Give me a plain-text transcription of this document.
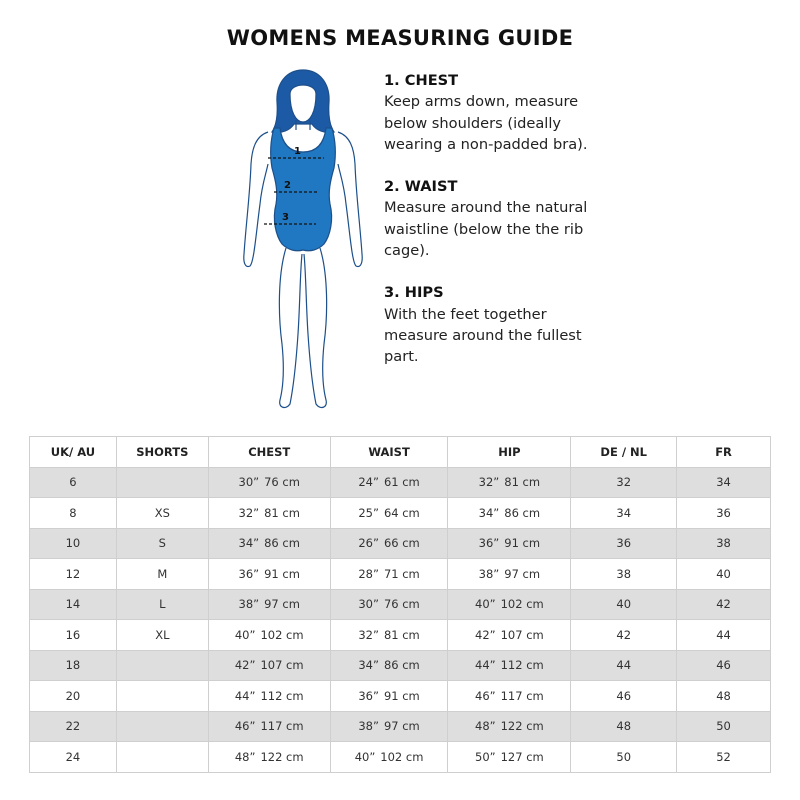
WOMENS MEASURING GUIDE
1
2
3
1. CHEST
Keep arms down, measure below shoulders (ideally wearing a non-padded bra).
2. WAIST
Measure around the natural waistline (below the the rib cage).
3. HIPS
With the feet together measure around the fullest part.
UK/ AU	SHORTS	CHEST	WAIST	HIP	DE / NL	FR
6		30” 76 cm	24” 61 cm	32” 81 cm	32	34
8	XS	32” 81 cm	25” 64 cm	34” 86 cm	34	36
10	S	34” 86 cm	26” 66 cm	36” 91 cm	36	38
12	M	36” 91 cm	28” 71 cm	38” 97 cm	38	40
14	L	38” 97 cm	30” 76 cm	40” 102 cm	40	42
16	XL	40” 102 cm	32” 81 cm	42” 107 cm	42	44
18		42” 107 cm	34” 86 cm	44” 112 cm	44	46
20		44” 112 cm	36” 91 cm	46” 117 cm	46	48
22		46” 117 cm	38” 97 cm	48” 122 cm	48	50
24		48” 122 cm	40” 102 cm	50” 127 cm	50	52
